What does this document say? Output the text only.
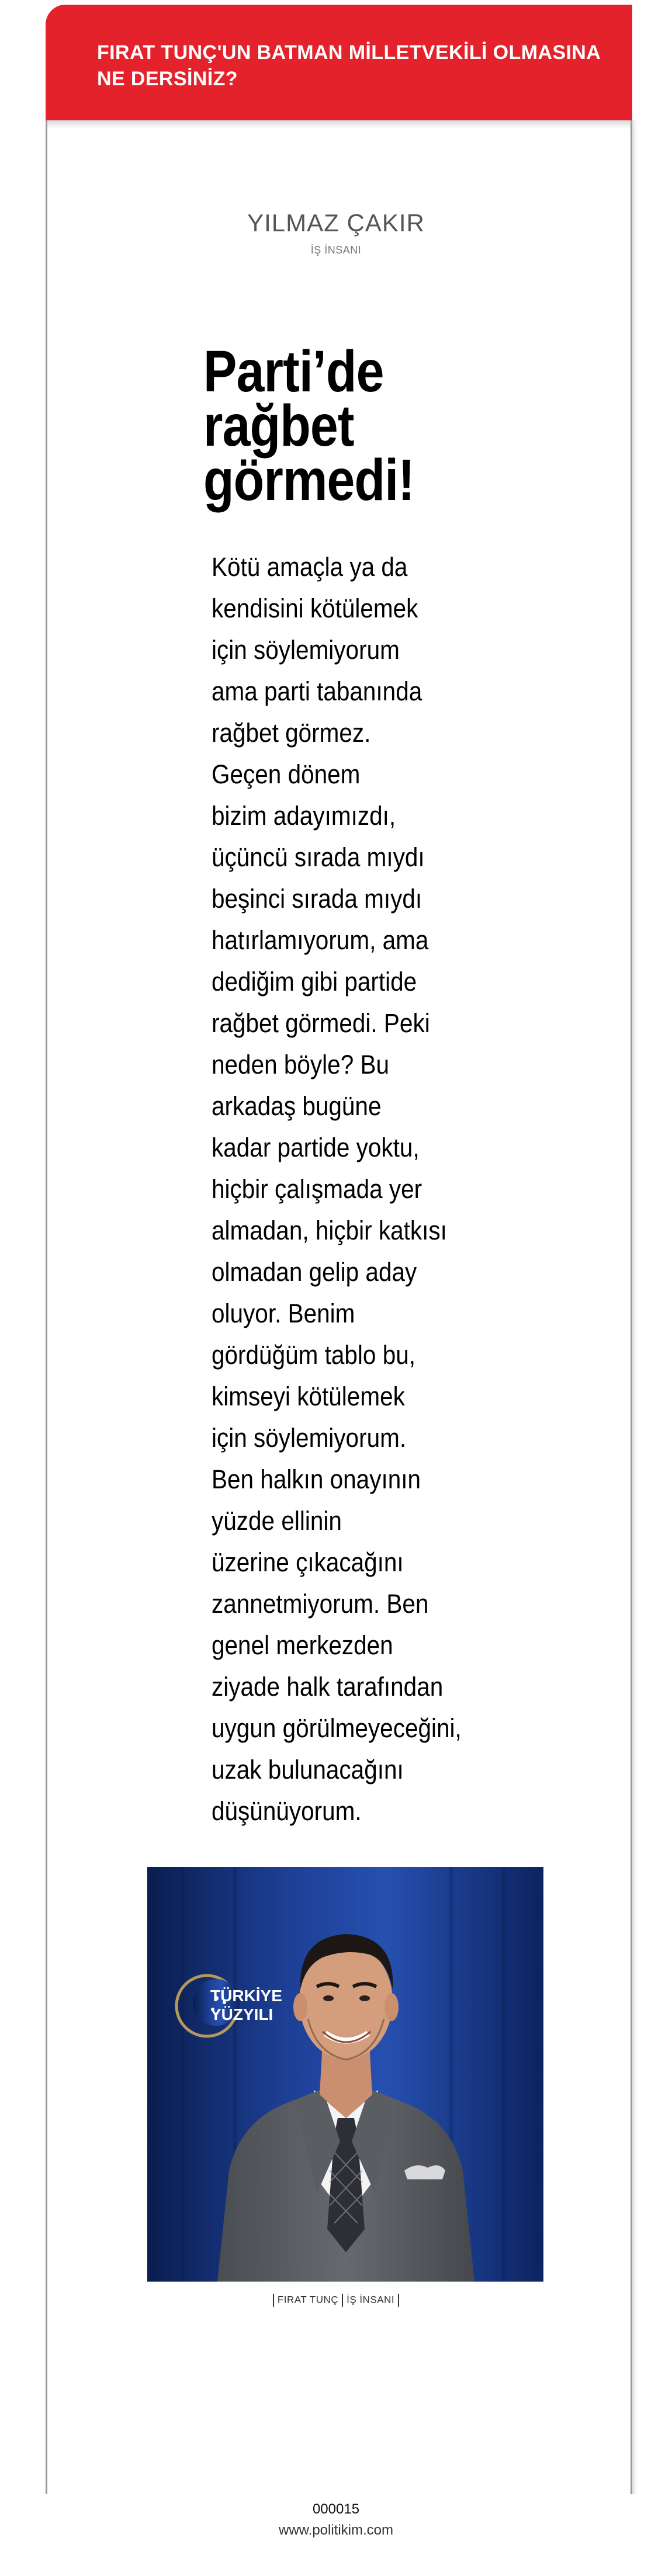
FIRAT TUNÇ'UN BATMAN MİLLETVEKİLİ OLMASINA NE DERSİNİZ?
YILMAZ ÇAKIR

İŞ İNSANI

Parti’de
rağbet
görmedi!

Kötü amaçla ya da
kendisini kötülemek
için söylemiyorum
ama parti tabanında
rağbet görmez.
Geçen dönem
bizim adayımızdı,
üçüncü sırada mıydı
beşinci sırada mıydı
hatırlamıyorum, ama
dediğim gibi partide
rağbet görmedi. Peki
neden böyle? Bu
arkadaş bugüne
kadar partide yoktu,
hiçbir çalışmada yer
almadan, hiçbir katkısı
olmadan gelip aday
oluyor. Benim
gördüğüm tablo bu,
kimseyi kötülemek
için söylemiyorum.
Ben halkın onayının
yüzde ellinin
üzerine çıkacağını
zannetmiyorum. Ben
genel merkezden
ziyade halk tarafından
uygun görülmeyeceğini,
uzak bulunacağını
düşünüyorum.

TÜRKİYE
YÜZYILI
FIRAT TUNÇ İŞ İNSANI
000015
www.politikim.com
